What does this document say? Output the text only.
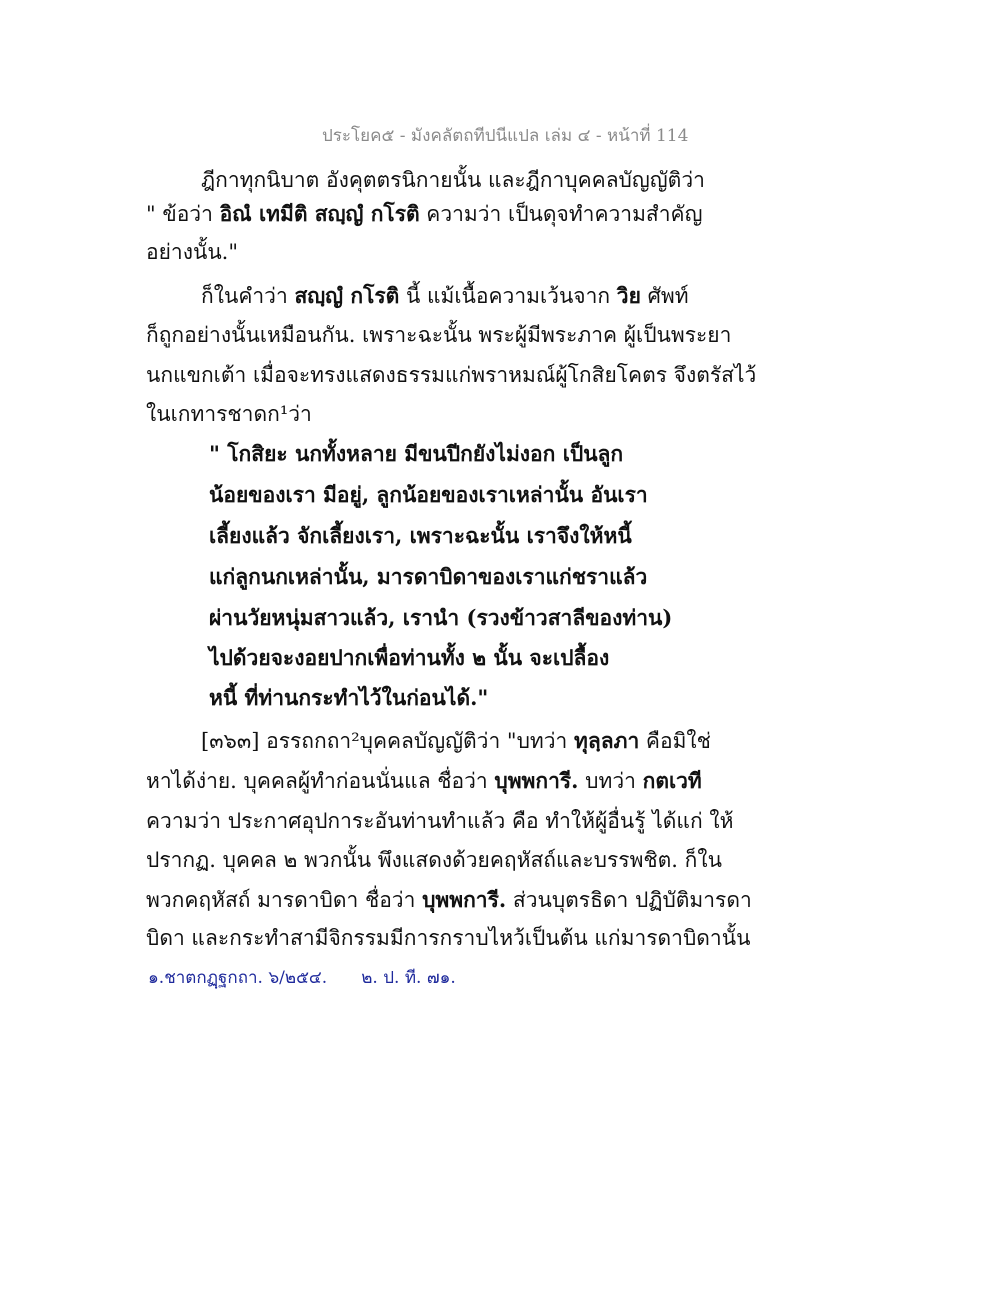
ประโยค๕ - มังคลัตถทีปนีแปล เล่ม ๔ - หน้าที่ 114
ฎีกาทุกนิบาต อังคุตตรนิกายนั้น และฎีกาบุคคลบัญญัติว่า
" ข้อว่า อิณํ เทมีติ สญฺญํ กโรติ ความว่า เป็นดุจทำความสำคัญ
อย่างนั้น."
ก็ในคำว่า สญฺญํ กโรติ นี้ แม้เนื้อความเว้นจาก วิย ศัพท์
ก็ถูกอย่างนั้นเหมือนกัน. เพราะฉะนั้น พระผู้มีพระภาค ผู้เป็นพระยา
นกแขกเต้า เมื่อจะทรงแสดงธรรมแก่พราหมณ์ผู้โกสิยโคตร จึงตรัสไว้
ในเกทารชาดก¹ว่า
" โกสิยะ นกทั้งหลาย มีขนปีกยังไม่งอก เป็นลูก
น้อยของเรา มีอยู่, ลูกน้อยของเราเหล่านั้น อันเรา
เลี้ยงแล้ว จักเลี้ยงเรา, เพราะฉะนั้น เราจึงให้หนี้
แก่ลูกนกเหล่านั้น, มารดาบิดาของเราแก่ชราแล้ว
ผ่านวัยหนุ่มสาวแล้ว, เรานำ (รวงข้าวสาลีของท่าน)
ไปด้วยจะงอยปากเพื่อท่านทั้ง ๒ นั้น จะเปลื้อง
หนี้ ที่ท่านกระทำไว้ในก่อนได้."
[๓๖๓] อรรถกถา²บุคคลบัญญัติว่า "บทว่า ทุลฺลภา คือมิใช่
หาได้ง่าย. บุคคลผู้ทำก่อนนั่นแล ชื่อว่า บุพพการี. บทว่า กตเวที
ความว่า ประกาศอุปการะอันท่านทำแล้ว คือ ทำให้ผู้อื่นรู้ ได้แก่ ให้
ปรากฏ. บุคคล ๒ พวกนั้น พึงแสดงด้วยคฤหัสถ์และบรรพชิต. ก็ใน
พวกคฤหัสถ์ มารดาบิดา ชื่อว่า บุพพการี. ส่วนบุตรธิดา ปฏิบัติมารดา
บิดา และกระทำสามีจิกรรมมีการกราบไหว้เป็นต้น แก่มารดาบิดานั้น
๑.ชาตกฏฺฐกถา. ๖/๒๕๔. ๒. ป. ที. ๗๑.
